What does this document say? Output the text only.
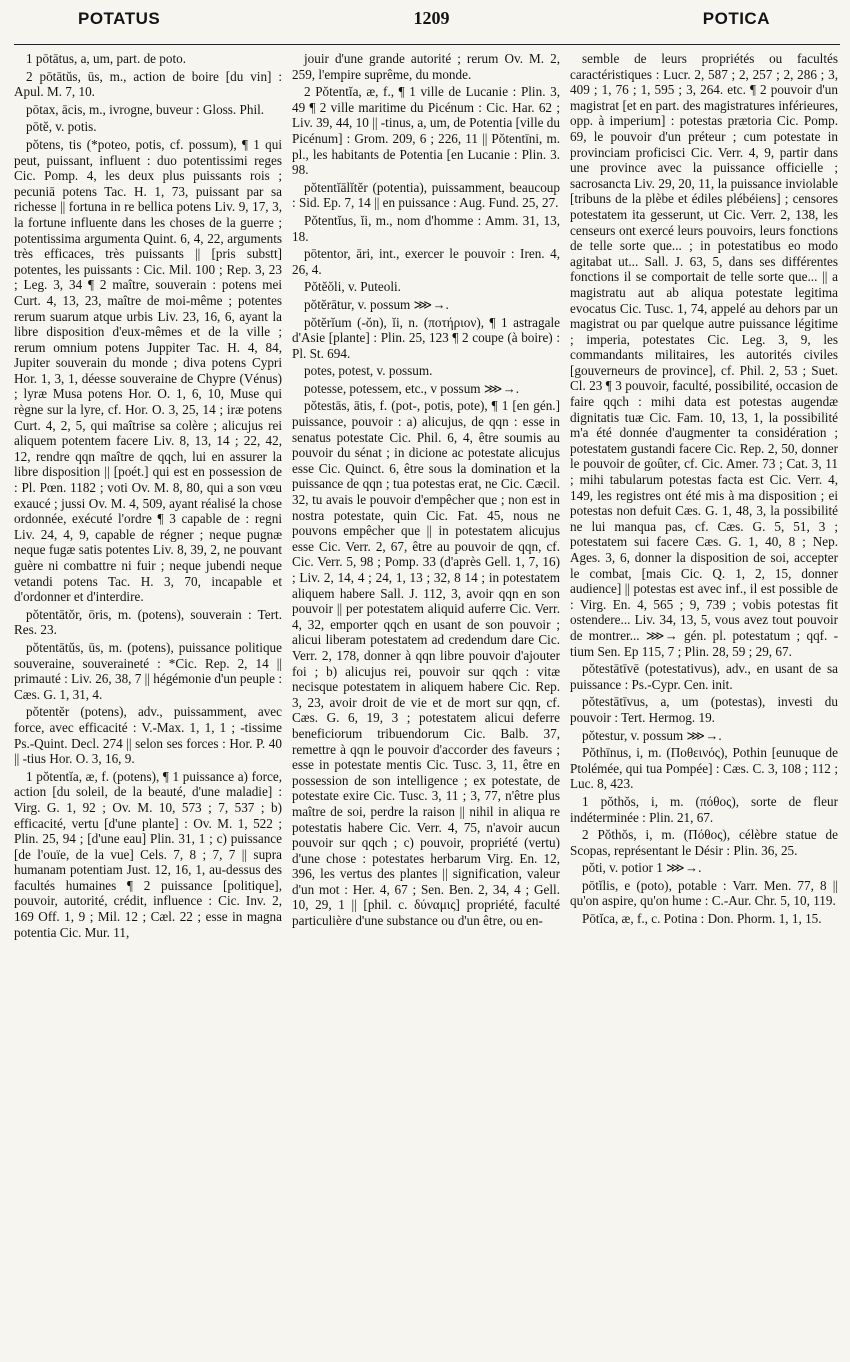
POTATUS	1209	POTICA

1 pōtātus, a, um, part. de poto.

2 pōtātŭs, ūs, m., action de boire [du vin] : Apul. M. 7, 10.

pōtax, ācis, m., ivrogne, buveur : Gloss. Phil.

pōtĕ, v. potis.

pŏtens, tis (*poteo, potis, cf. possum), ¶ 1 qui peut, puissant, influent : duo potentissimi reges Cic. Pomp. 4, les deux plus puissants rois ; pecuniā potens Tac. H. 1, 73, puissant par sa richesse || fortuna in re bellica potens Liv. 9, 17, 3, la fortune influente dans les choses de la guerre ; potentissima argumenta Quint. 6, 4, 22, arguments très efficaces, très puissants || [pris substt] potentes, les puissants : Cic. Mil. 100 ; Rep. 3, 23 ; Leg. 3, 34 ¶ 2 maître, souverain : potens mei Curt. 4, 13, 23, maître de moi-même ; potentes rerum suarum atque urbis Liv. 23, 16, 6, ayant la libre disposition d'eux-mêmes et de la ville ; rerum omnium potens Juppiter Tac. H. 4, 84, Jupiter souverain du monde ; diva potens Cypri Hor. 1, 3, 1, déesse souveraine de Chypre (Vénus) ; lyræ Musa potens Hor. O. 1, 6, 10, Muse qui règne sur la lyre, cf. Hor. O. 3, 25, 14 ; iræ potens Curt. 4, 2, 5, qui maîtrise sa colère ; alicujus rei aliquem potentem facere Liv. 8, 13, 14 ; 22, 42, 12, rendre qqn maître de qqch, lui en assurer la libre disposition || [poét.] qui est en possession de : Pl. Pœn. 1182 ; voti Ov. M. 8, 80, qui a son vœu exaucé ; jussi Ov. M. 4, 509, ayant réalisé la chose ordonnée, exécuté l'ordre ¶ 3 capable de : regni Liv. 24, 4, 9, capable de régner ; neque pugnæ neque fugæ satis potentes Liv. 8, 39, 2, ne pouvant guère ni combattre ni fuir ; neque jubendi neque vetandi potens Tac. H. 3, 70, incapable et d'ordonner et d'interdire.

pŏtentātŏr, ōris, m. (potens), souverain : Tert. Res. 23.

pŏtentātŭs, ūs, m. (potens), puissance politique souveraine, souveraineté : *Cic. Rep. 2, 14 || primauté : Liv. 26, 38, 7 || hégémonie d'un peuple : Cæs. G. 1, 31, 4.

pŏtentĕr (potens), adv., puissamment, avec force, avec efficacité : V.-Max. 1, 1, 1 ; -tissime Ps.-Quint. Decl. 274 || selon ses forces : Hor. P. 40 || -tius Hor. O. 3, 16, 9.

1 pŏtentĭa, æ, f. (potens), ¶ 1 puissance a) force, action [du soleil, de la beauté, d'une maladie] : Virg. G. 1, 92 ; Ov. M. 10, 573 ; 7, 537 ; b) efficacité, vertu [d'une plante] : Ov. M. 1, 522 ; Plin. 25, 94 ; [d'une eau] Plin. 31, 1 ; c) puissance [de l'ouïe, de la vue] Cels. 7, 8 ; 7, 7 || supra humanam potentiam Just. 12, 16, 1, au-dessus des facultés humaines ¶ 2 puissance [politique], pouvoir, autorité, crédit, influence : Cic. Inv. 2, 169 Off. 1, 9 ; Mil. 12 ; Cæl. 22 ; esse in magna potentia Cic. Mur. 11,

jouir d'une grande autorité ; rerum Ov. M. 2, 259, l'empire suprême, du monde.

2 Pŏtentĭa, æ, f., ¶ 1 ville de Lucanie : Plin. 3, 49 ¶ 2 ville maritime du Picénum : Cic. Har. 62 ; Liv. 39, 44, 10 || -tinus, a, um, de Potentia [ville du Picénum] : Grom. 209, 6 ; 226, 11 || Pŏtentīni, m. pl., les habitants de Potentia [en Lucanie : Plin. 3. 98.

pŏtentĭālĭtĕr (potentia), puissamment, beaucoup : Sid. Ep. 7, 14 || en puissance : Aug. Fund. 25, 27.

Pŏtentĭus, ĭi, m., nom d'homme : Amm. 31, 13, 18.

pōtentor, āri, int., exercer le pouvoir : Iren. 4, 26, 4.

Pŏtĕŏli, v. Puteoli.

pŏtĕrātur, v. possum ⋙→.

pŏtĕrĭum (-ŏn), ĭi, n. (ποτήριον), ¶ 1 astragale d'Asie [plante] : Plin. 25, 123 ¶ 2 coupe (à boire) : Pl. St. 694.

potes, potest, v. possum.

potesse, potessem, etc., v possum ⋙→.

pŏtestās, ātis, f. (pot-, potis, pote), ¶ 1 [en gén.] puissance, pouvoir : a) alicujus, de qqn : esse in senatus potestate Cic. Phil. 6, 4, être soumis au pouvoir du sénat ; in dicione ac potestate alicujus esse Cic. Quinct. 6, être sous la domination et la puissance de qqn ; tua potestas erat, ne Cic. Cæcil. 32, tu avais le pouvoir d'empêcher que ; non est in nostra potestate, quin Cic. Fat. 45, nous ne pouvons empêcher que || in potestatem alicujus esse Cic. Verr. 2, 67, être au pouvoir de qqn, cf. Cic. Verr. 5, 98 ; Pomp. 33 (d'après Gell. 1, 7, 16) ; Liv. 2, 14, 4 ; 24, 1, 13 ; 32, 8 14 ; in potestatem aliquem habere Sall. J. 112, 3, avoir qqn en son pouvoir || per potestatem aliquid auferre Cic. Verr. 4, 32, emporter qqch en usant de son pouvoir ; alicui liberam potestatem ad credendum dare Cic. Verr. 2, 178, donner à qqn libre pouvoir d'ajouter foi ; b) alicujus rei, pouvoir sur qqch : vitæ necisque potestatem in aliquem habere Cic. Rep. 3, 23, avoir droit de vie et de mort sur qqn, cf. Cæs. G. 6, 19, 3 ; potestatem alicui deferre beneficiorum tribuendorum Cic. Balb. 37, remettre à qqn le pouvoir d'accorder des faveurs ; esse in potestate mentis Cic. Tusc. 3, 11, être en possession de son intelligence ; ex potestate, de potestate exire Cic. Tusc. 3, 11 ; 3, 77, n'être plus maître de soi, perdre la raison || nihil in aliqua re potestatis habere Cic. Verr. 4, 75, n'avoir aucun pouvoir sur qqch ; c) pouvoir, propriété (vertu) d'une chose : potestates herbarum Virg. En. 12, 396, les vertus des plantes || signification, valeur d'un mot : Her. 4, 67 ; Sen. Ben. 2, 34, 4 ; Gell. 10, 29, 1 || [phil. c. δύναμις] propriété, faculté particulière d'une substance ou d'un être, ou en-

semble de leurs propriétés ou facultés caractéristiques : Lucr. 2, 587 ; 2, 257 ; 2, 286 ; 3, 409 ; 1, 76 ; 1, 595 ; 3, 264. etc. ¶ 2 pouvoir d'un magistrat [et en part. des magistratures inférieures, opp. à imperium] : potestas prætoria Cic. Pomp. 69, le pouvoir d'un préteur ; cum potestate in provinciam proficisci Cic. Verr. 4, 9, partir dans une province avec la puissance officielle ; sacrosancta Liv. 29, 20, 11, la puissance inviolable [tribuns de la plèbe et édiles plébéiens] ; censores potestatem ita gesserunt, ut Cic. Verr. 2, 138, les censeurs ont exercé leurs pouvoirs, leurs fonctions de telle sorte que... ; in potestatibus eo modo agitabat ut... Sall. J. 63, 5, dans ses différentes fonctions il se comportait de telle sorte que... || a magistratu aut ab aliqua potestate legitima evocatus Cic. Tusc. 1, 74, appelé au dehors par un magistrat ou par quelque autre puissance légitime ; imperia, potestates Cic. Leg. 3, 9, les commandants militaires, les autorités civiles [gouverneurs de province], cf. Phil. 2, 53 ; Suet. Cl. 23 ¶ 3 pouvoir, faculté, possibilité, occasion de faire qqch : mihi data est potestas augendæ dignitatis tuæ Cic. Fam. 10, 13, 1, la possibilité m'a été donnée d'augmenter ta considération ; potestatem gustandi facere Cic. Rep. 2, 50, donner le pouvoir de goûter, cf. Cic. Amer. 73 ; Cat. 3, 11 ; mihi tabularum potestas facta est Cic. Verr. 4, 149, les registres ont été mis à ma disposition ; ei potestas non defuit Cæs. G. 1, 48, 3, la possibilité ne lui manqua pas, cf. Cæs. G. 5, 51, 3 ; potestatem sui facere Cæs. G. 1, 40, 8 ; Nep. Ages. 3, 6, donner la disposition de soi, accepter le combat, [mais Cic. Q. 1, 2, 15, donner audience] || potestas est avec inf., il est possible de : Virg. En. 4, 565 ; 9, 739 ; vobis potestas fit ostendere... Liv. 34, 13, 5, vous avez tout pouvoir de montrer... ⋙→ gén. pl. potestatum ; qqf. -tium Sen. Ep 115, 7 ; Plin. 28, 59 ; 29, 67.

pŏtestātīvē (potestativus), adv., en usant de sa puissance : Ps.-Cypr. Cen. init.

pŏtestātīvus, a, um (potestas), investi du pouvoir : Tert. Hermog. 19.

pŏtestur, v. possum ⋙→.

Pŏthīnus, i, m. (Ποθεινός), Pothin [eunuque de Ptolémée, qui tua Pompée] : Cæs. C. 3, 108 ; 112 ; Luc. 8, 423.

1 pŏthŏs, i, m. (πόθος), sorte de fleur indéterminée : Plin. 21, 67.

2 Pŏthŏs, i, m. (Πόθος), célèbre statue de Scopas, représentant le Désir : Plin. 36, 25.

pŏti, v. potior 1 ⋙→.

pōtĭlis, e (poto), potable : Varr. Men. 77, 8 || qu'on aspire, qu'on hume : C.-Aur. Chr. 5, 10, 119.

Pōtĭca, æ, f., c. Potina : Don. Phorm. 1, 1, 15.
